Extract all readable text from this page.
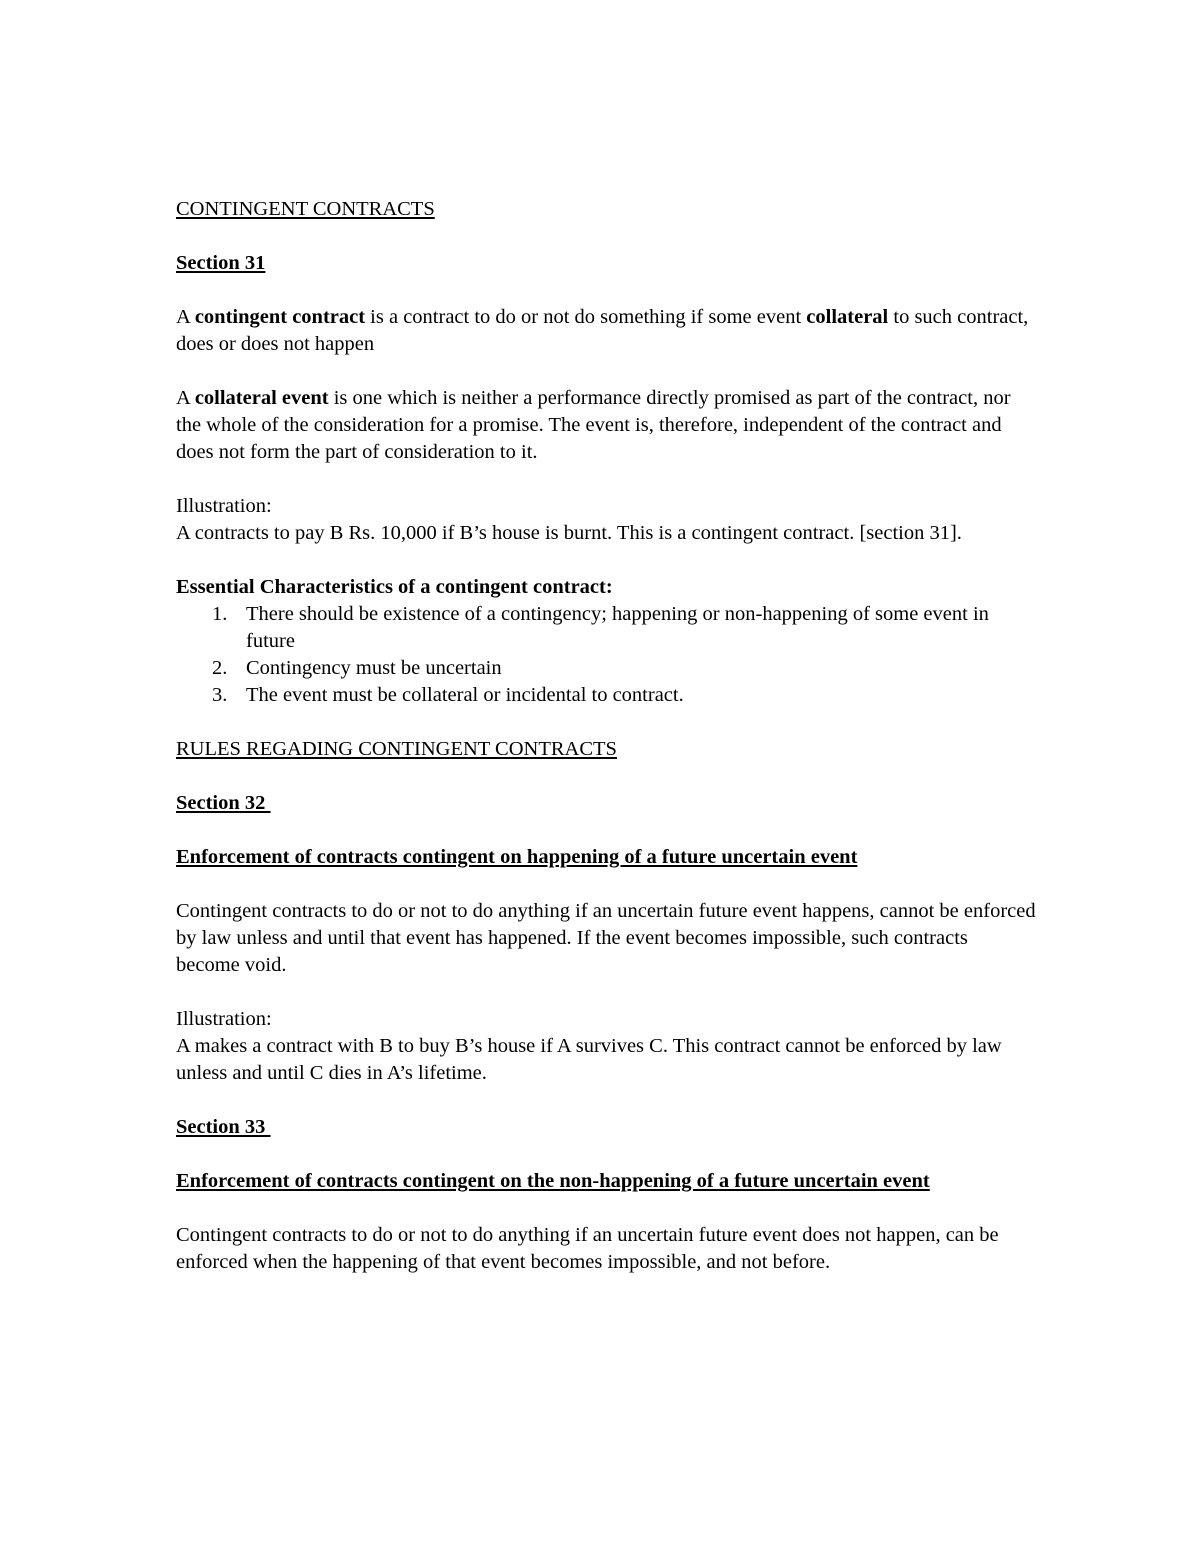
CONTINGENT CONTRACTS

Section 31

A contingent contract is a contract to do or not do something if some event collateral to such contract, does or does not happen

A collateral event is one which is neither a performance directly promised as part of the contract, nor the whole of the consideration for a promise. The event is, therefore, independent of the contract and does not form the part of consideration to it.

Illustration:

A contracts to pay B Rs. 10,000 if B’s house is burnt. This is a contingent contract. [section 31].

Essential Characteristics of a contingent contract:

1. There should be existence of a contingency; happening or non-happening of some event in future
2. Contingency must be uncertain
3. The event must be collateral or incidental to contract.

RULES REGADING CONTINGENT CONTRACTS

Section 32

Enforcement of contracts contingent on happening of a future uncertain event

Contingent contracts to do or not to do anything if an uncertain future event happens, cannot be enforced by law unless and until that event has happened. If the event becomes impossible, such contracts become void.

Illustration:

A makes a contract with B to buy B’s house if A survives C. This contract cannot be enforced by law unless and until C dies in A’s lifetime.

Section 33

Enforcement of contracts contingent on the non-happening of a future uncertain event

Contingent contracts to do or not to do anything if an uncertain future event does not happen, can be enforced when the happening of that event becomes impossible, and not before.
